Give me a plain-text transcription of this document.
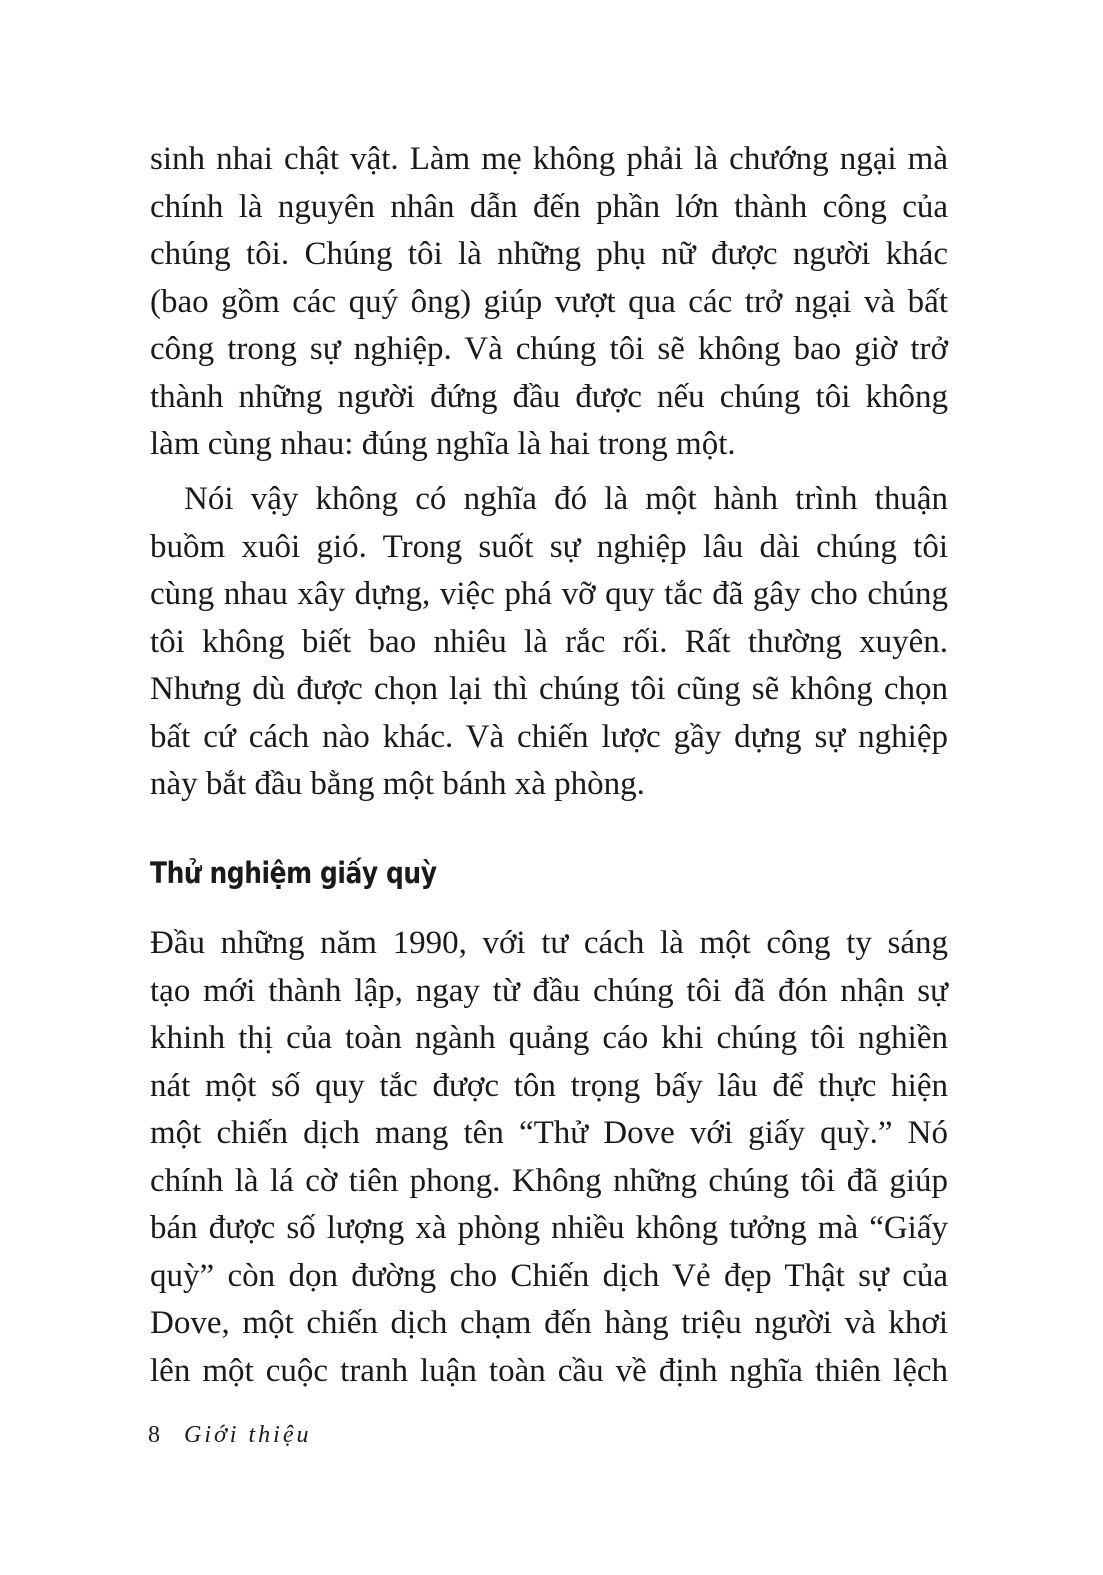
sinh nhai chật vật. Làm mẹ không phải là chướng ngại mà
chính là nguyên nhân dẫn đến phần lớn thành công của
chúng tôi. Chúng tôi là những phụ nữ được người khác
(bao gồm các quý ông) giúp vượt qua các trở ngại và bất
công trong sự nghiệp. Và chúng tôi sẽ không bao giờ trở
thành những người đứng đầu được nếu chúng tôi không
làm cùng nhau: đúng nghĩa là hai trong một.
Nói vậy không có nghĩa đó là một hành trình thuận
buồm xuôi gió. Trong suốt sự nghiệp lâu dài chúng tôi
cùng nhau xây dựng, việc phá vỡ quy tắc đã gây cho chúng
tôi không biết bao nhiêu là rắc rối. Rất thường xuyên.
Nhưng dù được chọn lại thì chúng tôi cũng sẽ không chọn
bất cứ cách nào khác. Và chiến lược gầy dựng sự nghiệp
này bắt đầu bằng một bánh xà phòng.
Thử nghiệm giấy quỳ
Đầu những năm 1990, với tư cách là một công ty sáng
tạo mới thành lập, ngay từ đầu chúng tôi đã đón nhận sự
khinh thị của toàn ngành quảng cáo khi chúng tôi nghiền
nát một số quy tắc được tôn trọng bấy lâu để thực hiện
một chiến dịch mang tên “Thử Dove với giấy quỳ.” Nó
chính là lá cờ tiên phong. Không những chúng tôi đã giúp
bán được số lượng xà phòng nhiều không tưởng mà “Giấy
quỳ” còn dọn đường cho Chiến dịch Vẻ đẹp Thật sự của
Dove, một chiến dịch chạm đến hàng triệu người và khơi
lên một cuộc tranh luận toàn cầu về định nghĩa thiên lệch
8 Giới thiệu
